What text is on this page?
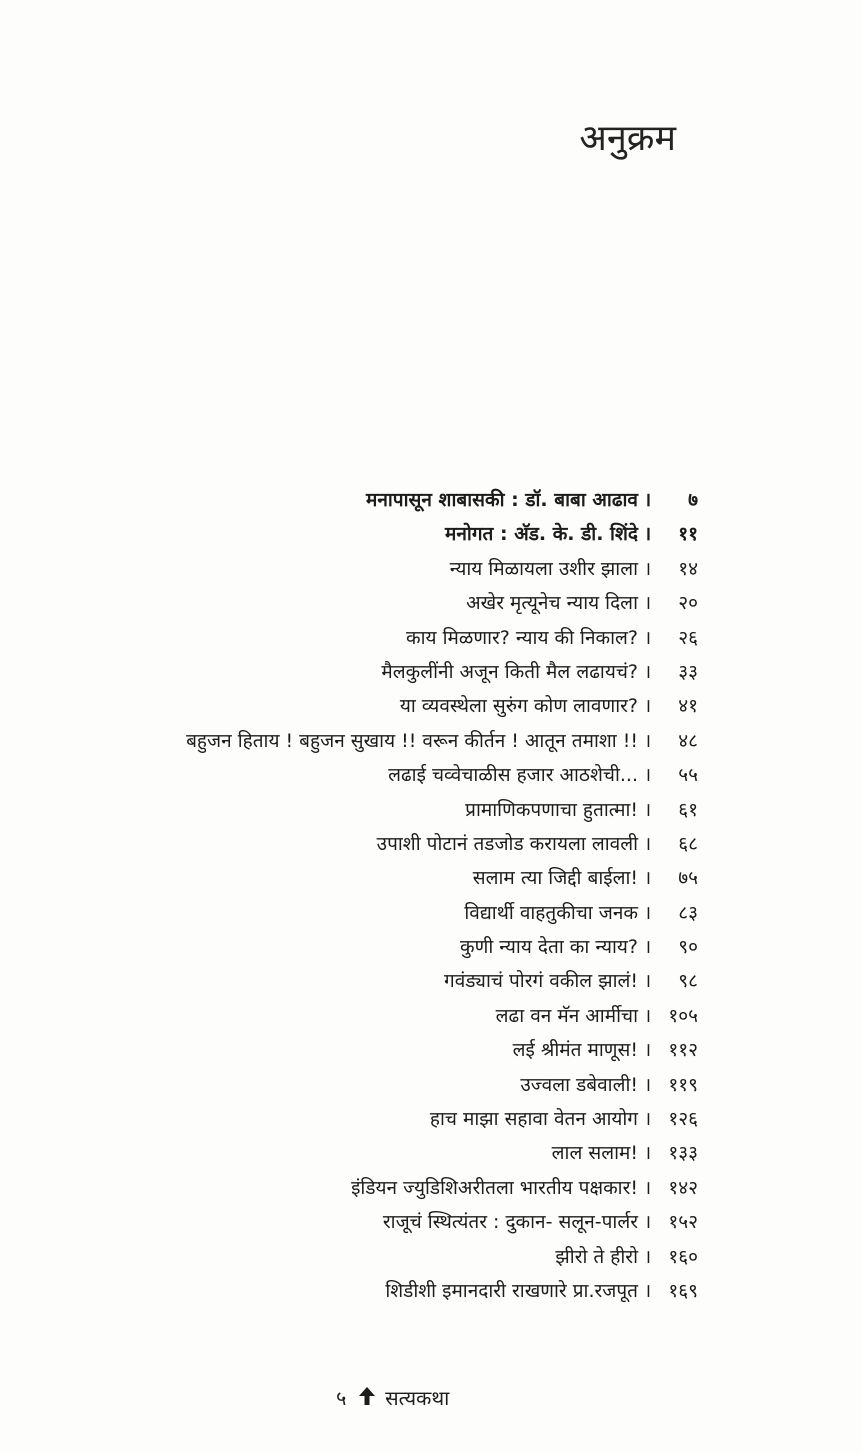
अनुक्रम
मनापासून शाबासकी : डॉ. बाबा आढाव । ७
मनोगत : अ‍ॅड. के. डी. शिंदे । ११
न्याय मिळायला उशीर झाला । १४
अखेर मृत्यूनेच न्याय दिला । २०
काय मिळणार? न्याय की निकाल? । २६
मैलकुलींनी अजून किती मैल लढायचं? । ३३
या व्यवस्थेला सुरुंग कोण लावणार? । ४१
बहुजन हिताय ! बहुजन सुखाय !! वरून कीर्तन ! आतून तमाशा !! । ४८
लढाई चव्वेचाळीस हजार आठशेची... । ५५
प्रामाणिकपणाचा हुतात्मा! । ६१
उपाशी पोटानं तडजोड करायला लावली । ६८
सलाम त्या जिद्दी बाईला! । ७५
विद्यार्थी वाहतुकीचा जनक । ८३
कुणी न्याय देता का न्याय? । ९०
गवंड्याचं पोरगं वकील झालं! । ९८
लढा वन मॅन आर्मीचा । १०५
लई श्रीमंत माणूस! । ११२
उज्वला डबेवाली! । ११९
हाच माझा सहावा वेतन आयोग । १२६
लाल सलाम! । १३३
इंडियन ज्युडिशिअरीतला भारतीय पक्षकार! । १४२
राजूचं स्थित्यंतर : दुकान- सलून-पार्लर । १५२
झीरो ते हीरो । १६०
शिडीशी इमानदारी राखणारे प्रा.रजपूत । १६९
५ सत्यकथा
